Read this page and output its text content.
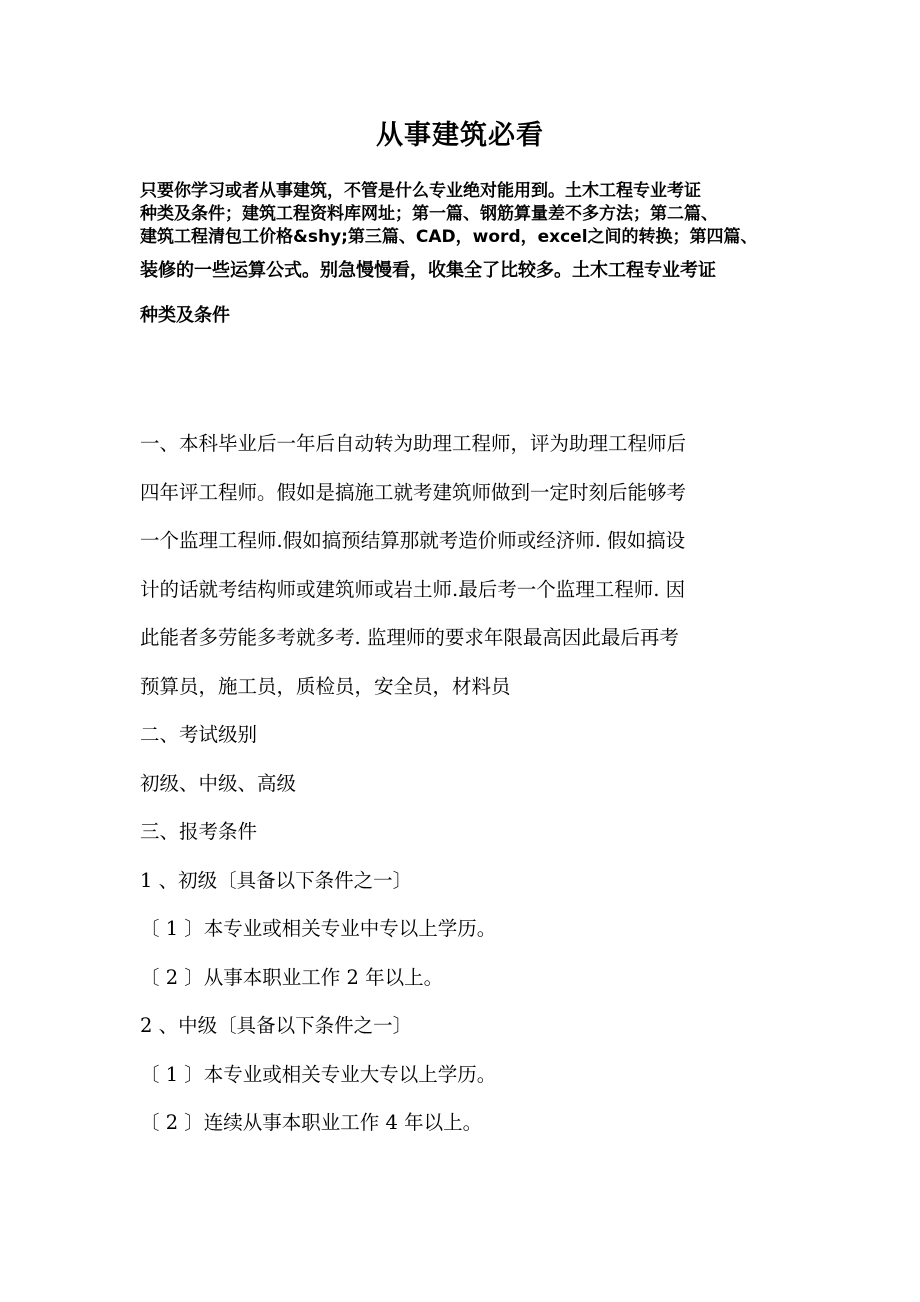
从事建筑必看
只要你学习或者从事建筑，不管是什么专业绝对能用到。土木工程专业考证
种类及条件；建筑工程资料库网址；第一篇、钢筋算量差不多方法；第二篇、
建筑工程清包工价格&shy;第三篇、CAD，word，excel之间的转换；第四篇、
装修的一些运算公式。别急慢慢看，收集全了比较多。土木工程专业考证
种类及条件
一、本科毕业后一年后自动转为助理工程师，评为助理工程师后
四年评工程师。假如是搞施工就考建筑师做到一定时刻后能够考
一个监理工程师.假如搞预结算那就考造价师或经济师. 假如搞设
计的话就考结构师或建筑师或岩土师.最后考一个监理工程师. 因
此能者多劳能多考就多考. 监理师的要求年限最高因此最后再考
预算员，施工员，质检员，安全员，材料员
二、考试级别
初级、中级、高级
三、报考条件
1 、初级〔具备以下条件之一〕
〔 1 〕本专业或相关专业中专以上学历。
〔 2 〕从事本职业工作 2 年以上。
2 、中级〔具备以下条件之一〕
〔 1 〕本专业或相关专业大专以上学历。
〔 2 〕连续从事本职业工作 4 年以上。
